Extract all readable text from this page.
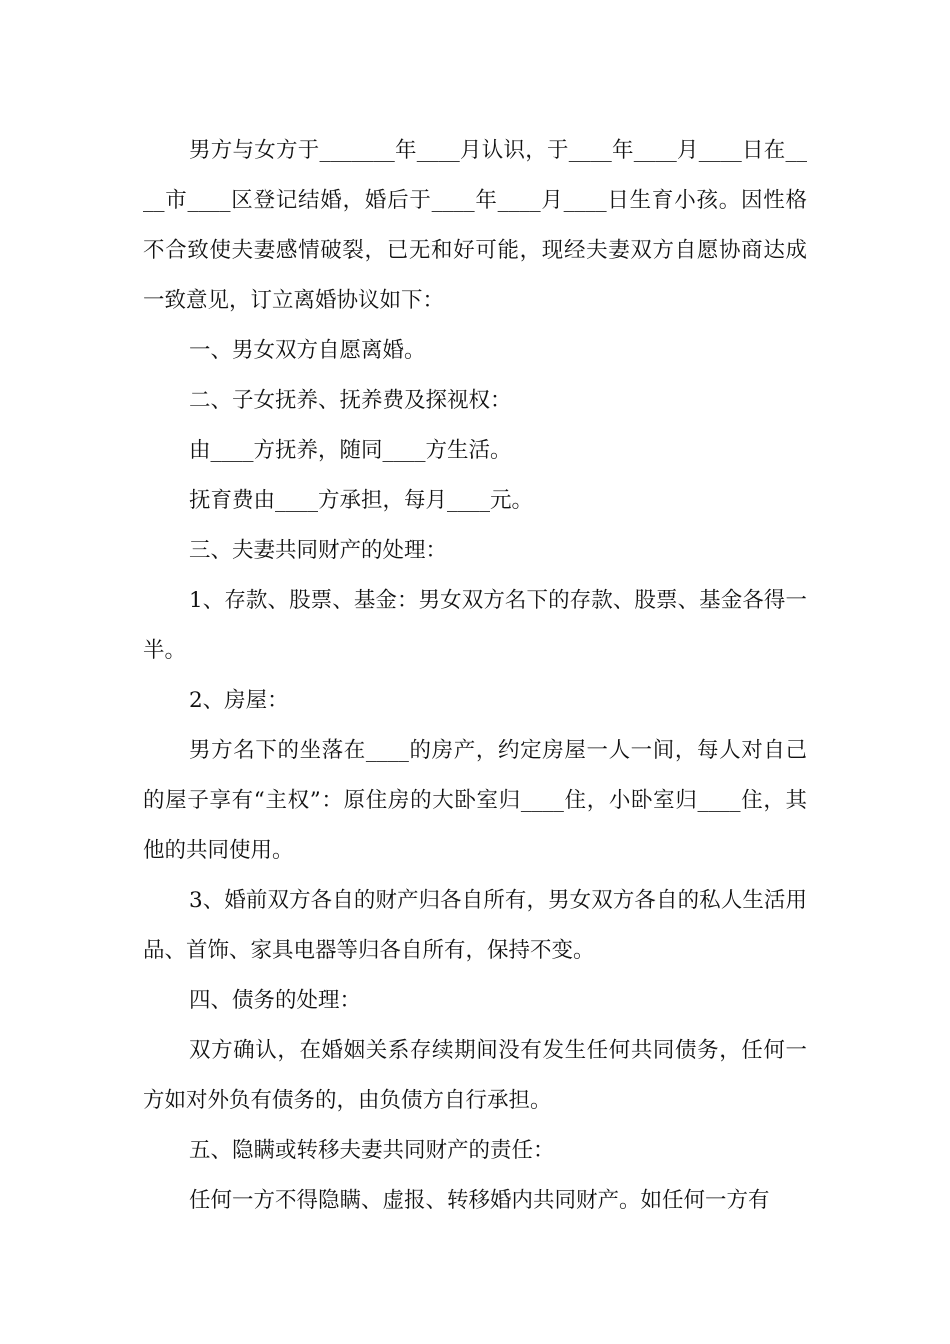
男方与女方于_______年____月认识，于____年____月____日在____市____区登记结婚，婚后于____年____月____日生育小孩。因性格不合致使夫妻感情破裂，已无和好可能，现经夫妻双方自愿协商达成一致意见，订立离婚协议如下：

一、男女双方自愿离婚。

二、子女抚养、抚养费及探视权：

由____方抚养，随同____方生活。

抚育费由____方承担，每月____元。

三、夫妻共同财产的处理：

1、存款、股票、基金：男女双方名下的存款、股票、基金各得一半。

2、房屋：

男方名下的坐落在____的房产，约定房屋一人一间，每人对自己的屋子享有“主权”：原住房的大卧室归____住，小卧室归____住，其他的共同使用。

3、婚前双方各自的财产归各自所有，男女双方各自的私人生活用品、首饰、家具电器等归各自所有，保持不变。

四、债务的处理：

双方确认，在婚姻关系存续期间没有发生任何共同债务，任何一方如对外负有债务的，由负债方自行承担。

五、隐瞒或转移夫妻共同财产的责任：

任何一方不得隐瞒、虚报、转移婚内共同财产。如任何一方有
